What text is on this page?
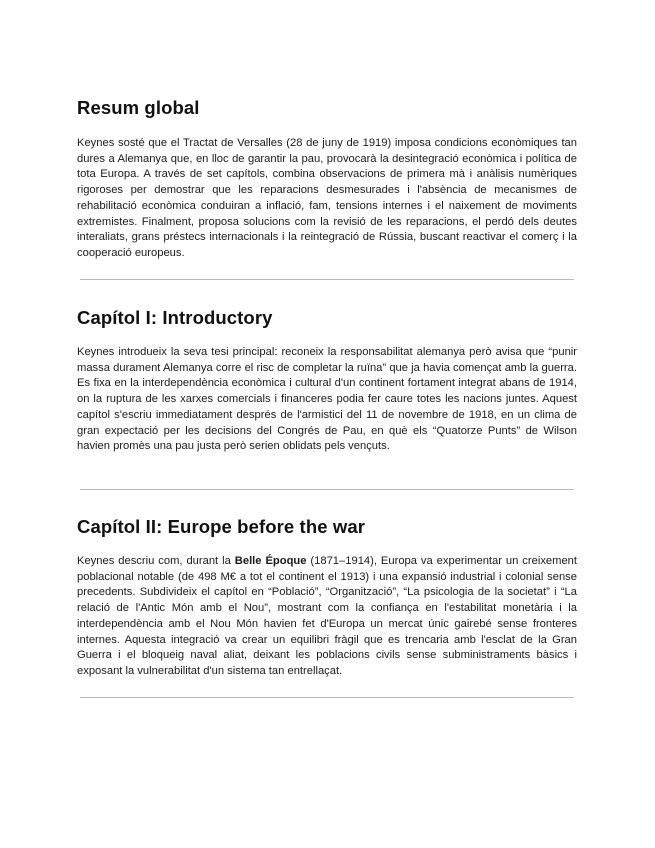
Resum global

Keynes sosté que el Tractat de Versalles (28 de juny de 1919) imposa condicions econòmiques tan dures a Alemanya que, en lloc de garantir la pau, provocarà la desintegració econòmica i política de tota Europa. A través de set capítols, combina observacions de primera mà i anàlisis numèriques rigoroses per demostrar que les reparacions desmesurades i l'absència de mecanismes de rehabilitació econòmica conduiran a inflació, fam, tensions internes i el naixement de moviments extremistes. Finalment, proposa solucions com la revisió de les reparacions, el perdó dels deutes interaliats, grans préstecs internacionals i la reintegració de Rússia, buscant reactivar el comerç i la cooperació europeus.

Capítol I: Introductory

Keynes introdueix la seva tesi principal: reconeix la responsabilitat alemanya però avisa que “punir massa durament Alemanya corre el risc de completar la ruïna” que ja havia començat amb la guerra. Es fixa en la interdependència econòmica i cultural d'un continent fortament integrat abans de 1914, on la ruptura de les xarxes comercials i financeres podia fer caure totes les nacions juntes. Aquest capítol s'escriu immediatament després de l'armistici del 11 de novembre de 1918, en un clima de gran expectació per les decisions del Congrés de Pau, en què els “Quatorze Punts” de Wilson havien promès una pau justa però serien oblidats pels vençuts.

Capítol II: Europe before the war

Keynes descriu com, durant la Belle Époque (1871–1914), Europa va experimentar un creixement poblacional notable (de 498 M€ a tot el continent el 1913) i una expansió industrial i colonial sense precedents. Subdivideix el capítol en “Població”, “Organització”, “La psicologia de la societat” i “La relació de l'Antic Món amb el Nou”, mostrant com la confiança en l'estabilitat monetària i la interdependència amb el Nou Món havien fet d'Europa un mercat únic gairebé sense fronteres internes. Aquesta integració va crear un equilibri fràgil que es trencaria amb l'esclat de la Gran Guerra i el bloqueig naval aliat, deixant les poblacions civils sense subministraments bàsics i exposant la vulnerabilitat d'un sistema tan entrellaçat.
